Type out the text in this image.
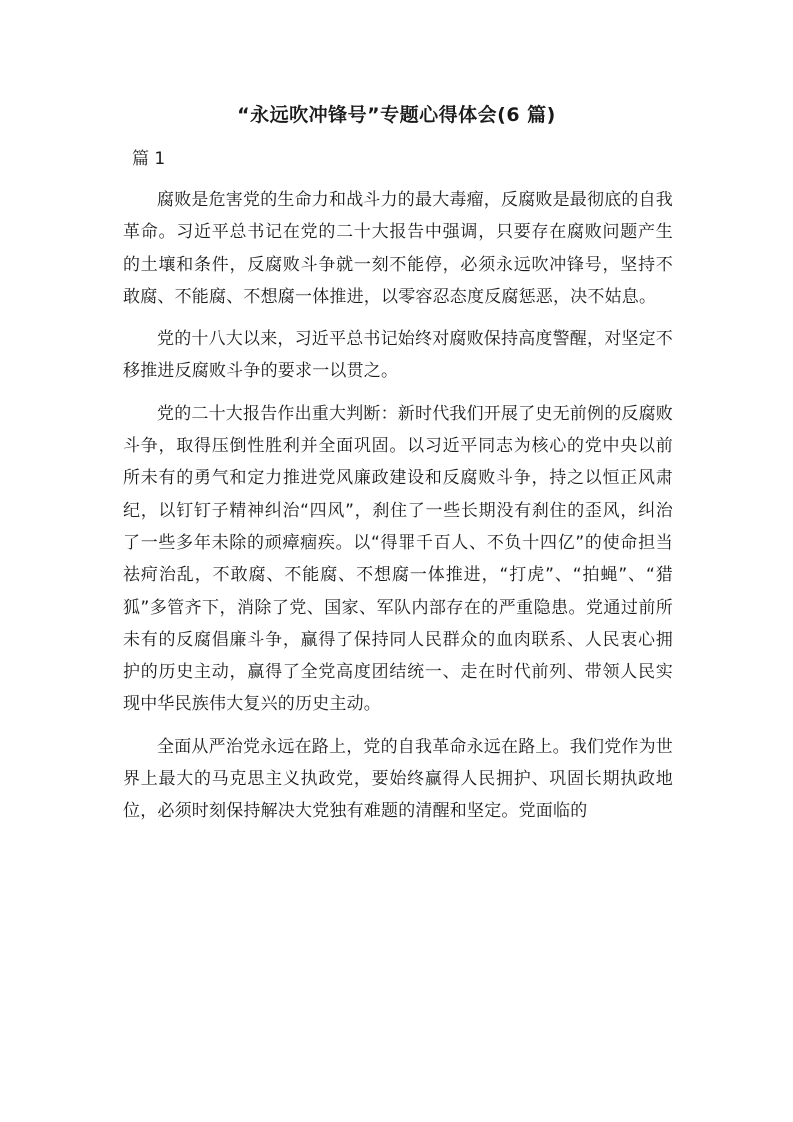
“永远吹冲锋号”专题心得体会(6 篇)
篇 1

腐败是危害党的生命力和战斗力的最大毒瘤，反腐败是最彻底的自我革命。习近平总书记在党的二十大报告中强调，只要存在腐败问题产生的土壤和条件，反腐败斗争就一刻不能停，必须永远吹冲锋号，坚持不敢腐、不能腐、不想腐一体推进，以零容忍态度反腐惩恶，决不姑息。

党的十八大以来，习近平总书记始终对腐败保持高度警醒，对坚定不移推进反腐败斗争的要求一以贯之。

党的二十大报告作出重大判断：新时代我们开展了史无前例的反腐败斗争，取得压倒性胜利并全面巩固。以习近平同志为核心的党中央以前所未有的勇气和定力推进党风廉政建设和反腐败斗争，持之以恒正风肃纪，以钉钉子精神纠治“四风”，刹住了一些长期没有刹住的歪风，纠治了一些多年未除的顽瘴痼疾。以“得罪千百人、不负十四亿”的使命担当祛疴治乱，不敢腐、不能腐、不想腐一体推进，“打虎”、“拍蝇”、“猎狐”多管齐下，消除了党、国家、军队内部存在的严重隐患。党通过前所未有的反腐倡廉斗争，赢得了保持同人民群众的血肉联系、人民衷心拥护的历史主动，赢得了全党高度团结统一、走在时代前列、带领人民实现中华民族伟大复兴的历史主动。

全面从严治党永远在路上，党的自我革命永远在路上。我们党作为世界上最大的马克思主义执政党，要始终赢得人民拥护、巩固长期执政地位，必须时刻保持解决大党独有难题的清醒和坚定。党面临的
